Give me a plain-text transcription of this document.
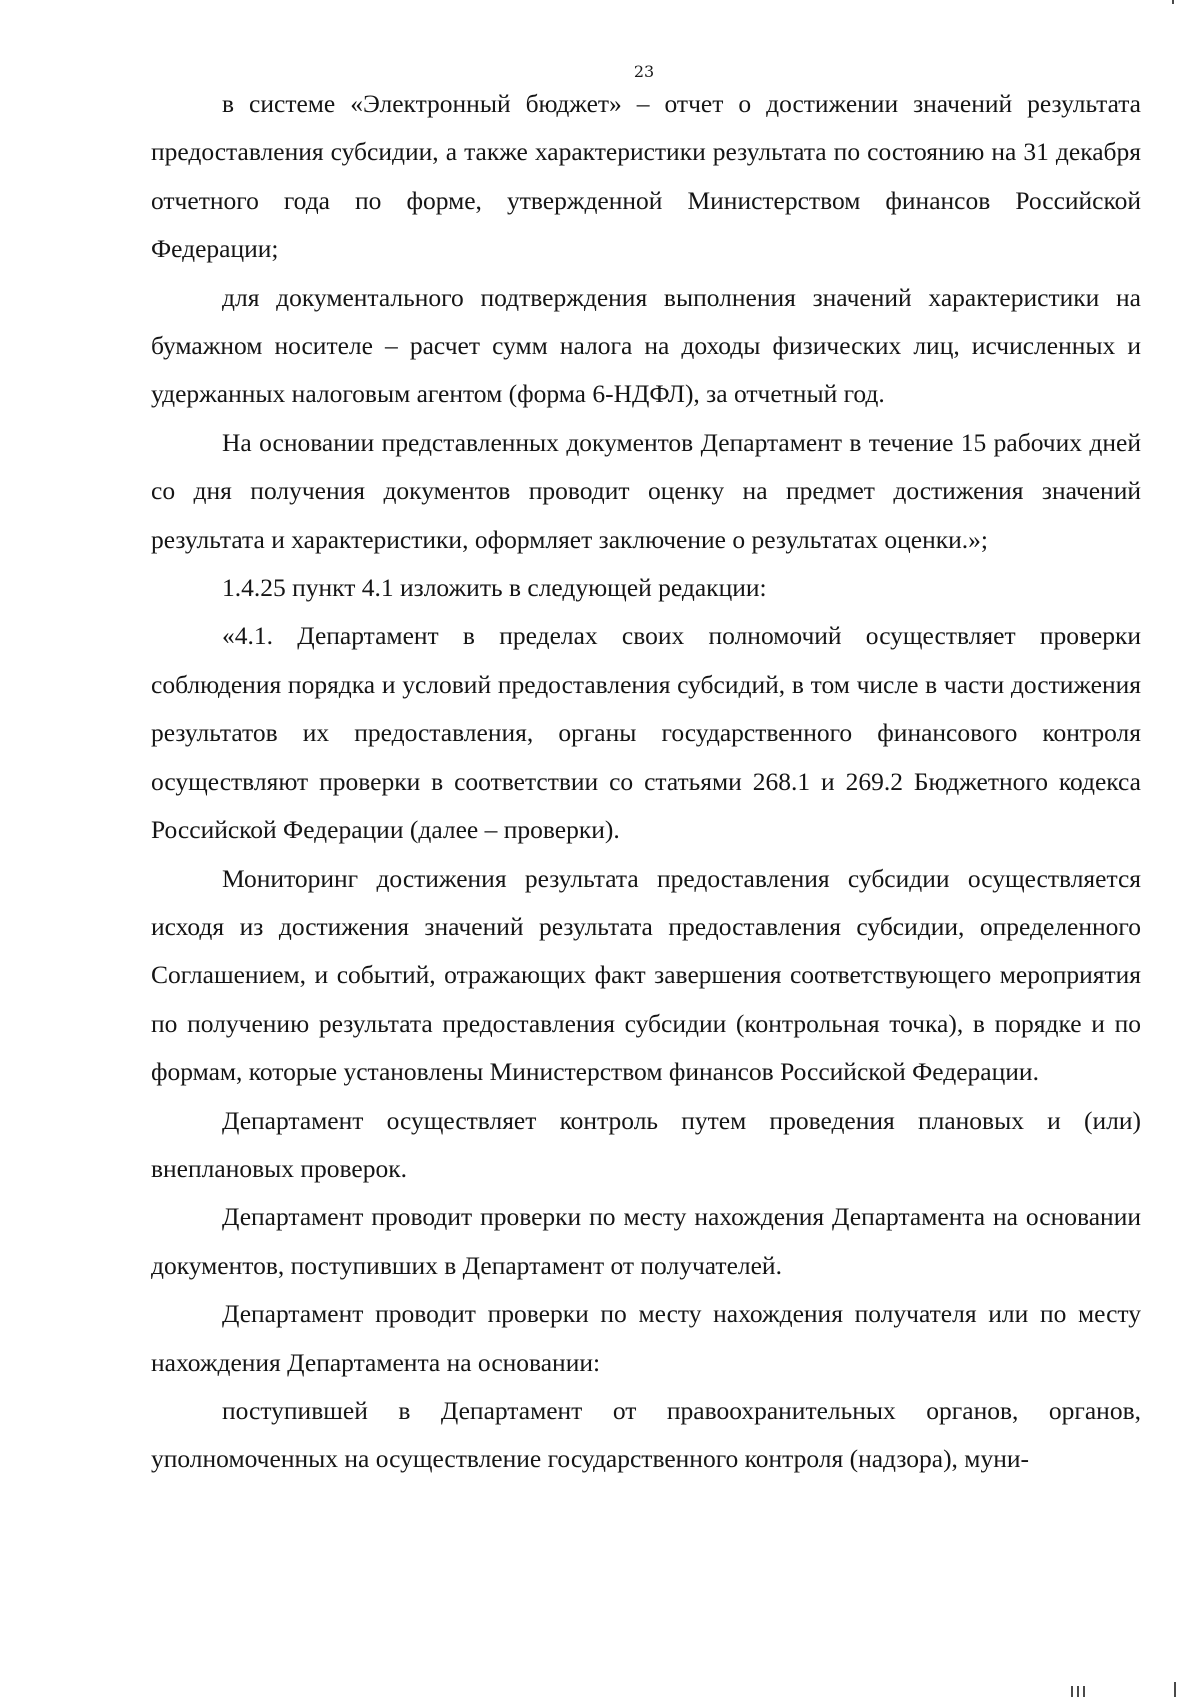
23

в системе «Электронный бюджет» – отчет о достижении значений результата предоставления субсидии, а также характеристики результата по состоянию на 31 декабря отчетного года по форме, утвержденной Министерством финансов Российской Федерации;

для документального подтверждения выполнения значений характеристики на бумажном носителе – расчет сумм налога на доходы физических лиц, исчисленных и удержанных налоговым агентом (форма 6-НДФЛ), за отчетный год.

На основании представленных документов Департамент в течение 15 рабочих дней со дня получения документов проводит оценку на предмет достижения значений результата и характеристики, оформляет заключение о результатах оценки.»;

1.4.25 пункт 4.1 изложить в следующей редакции:

«4.1. Департамент в пределах своих полномочий осуществляет проверки соблюдения порядка и условий предоставления субсидий, в том числе в части достижения результатов их предоставления, органы государственного финансового контроля осуществляют проверки в соответствии со статьями 268.1 и 269.2 Бюджетного кодекса Российской Федерации (далее – проверки).

Мониторинг достижения результата предоставления субсидии осуществляется исходя из достижения значений результата предоставления субсидии, определенного Соглашением, и событий, отражающих факт завершения соответствующего мероприятия по получению результата предоставления субсидии (контрольная точка), в порядке и по формам, которые установлены Министерством финансов Российской Федерации.

Департамент осуществляет контроль путем проведения плановых и (или) внеплановых проверок.

Департамент проводит проверки по месту нахождения Департамента на основании документов, поступивших в Департамент от получателей.

Департамент проводит проверки по месту нахождения получателя или по месту нахождения Департамента на основании:

поступившей в Департамент от правоохранительных органов, органов, уполномоченных на осуществление государственного контроля (надзора), муни-
